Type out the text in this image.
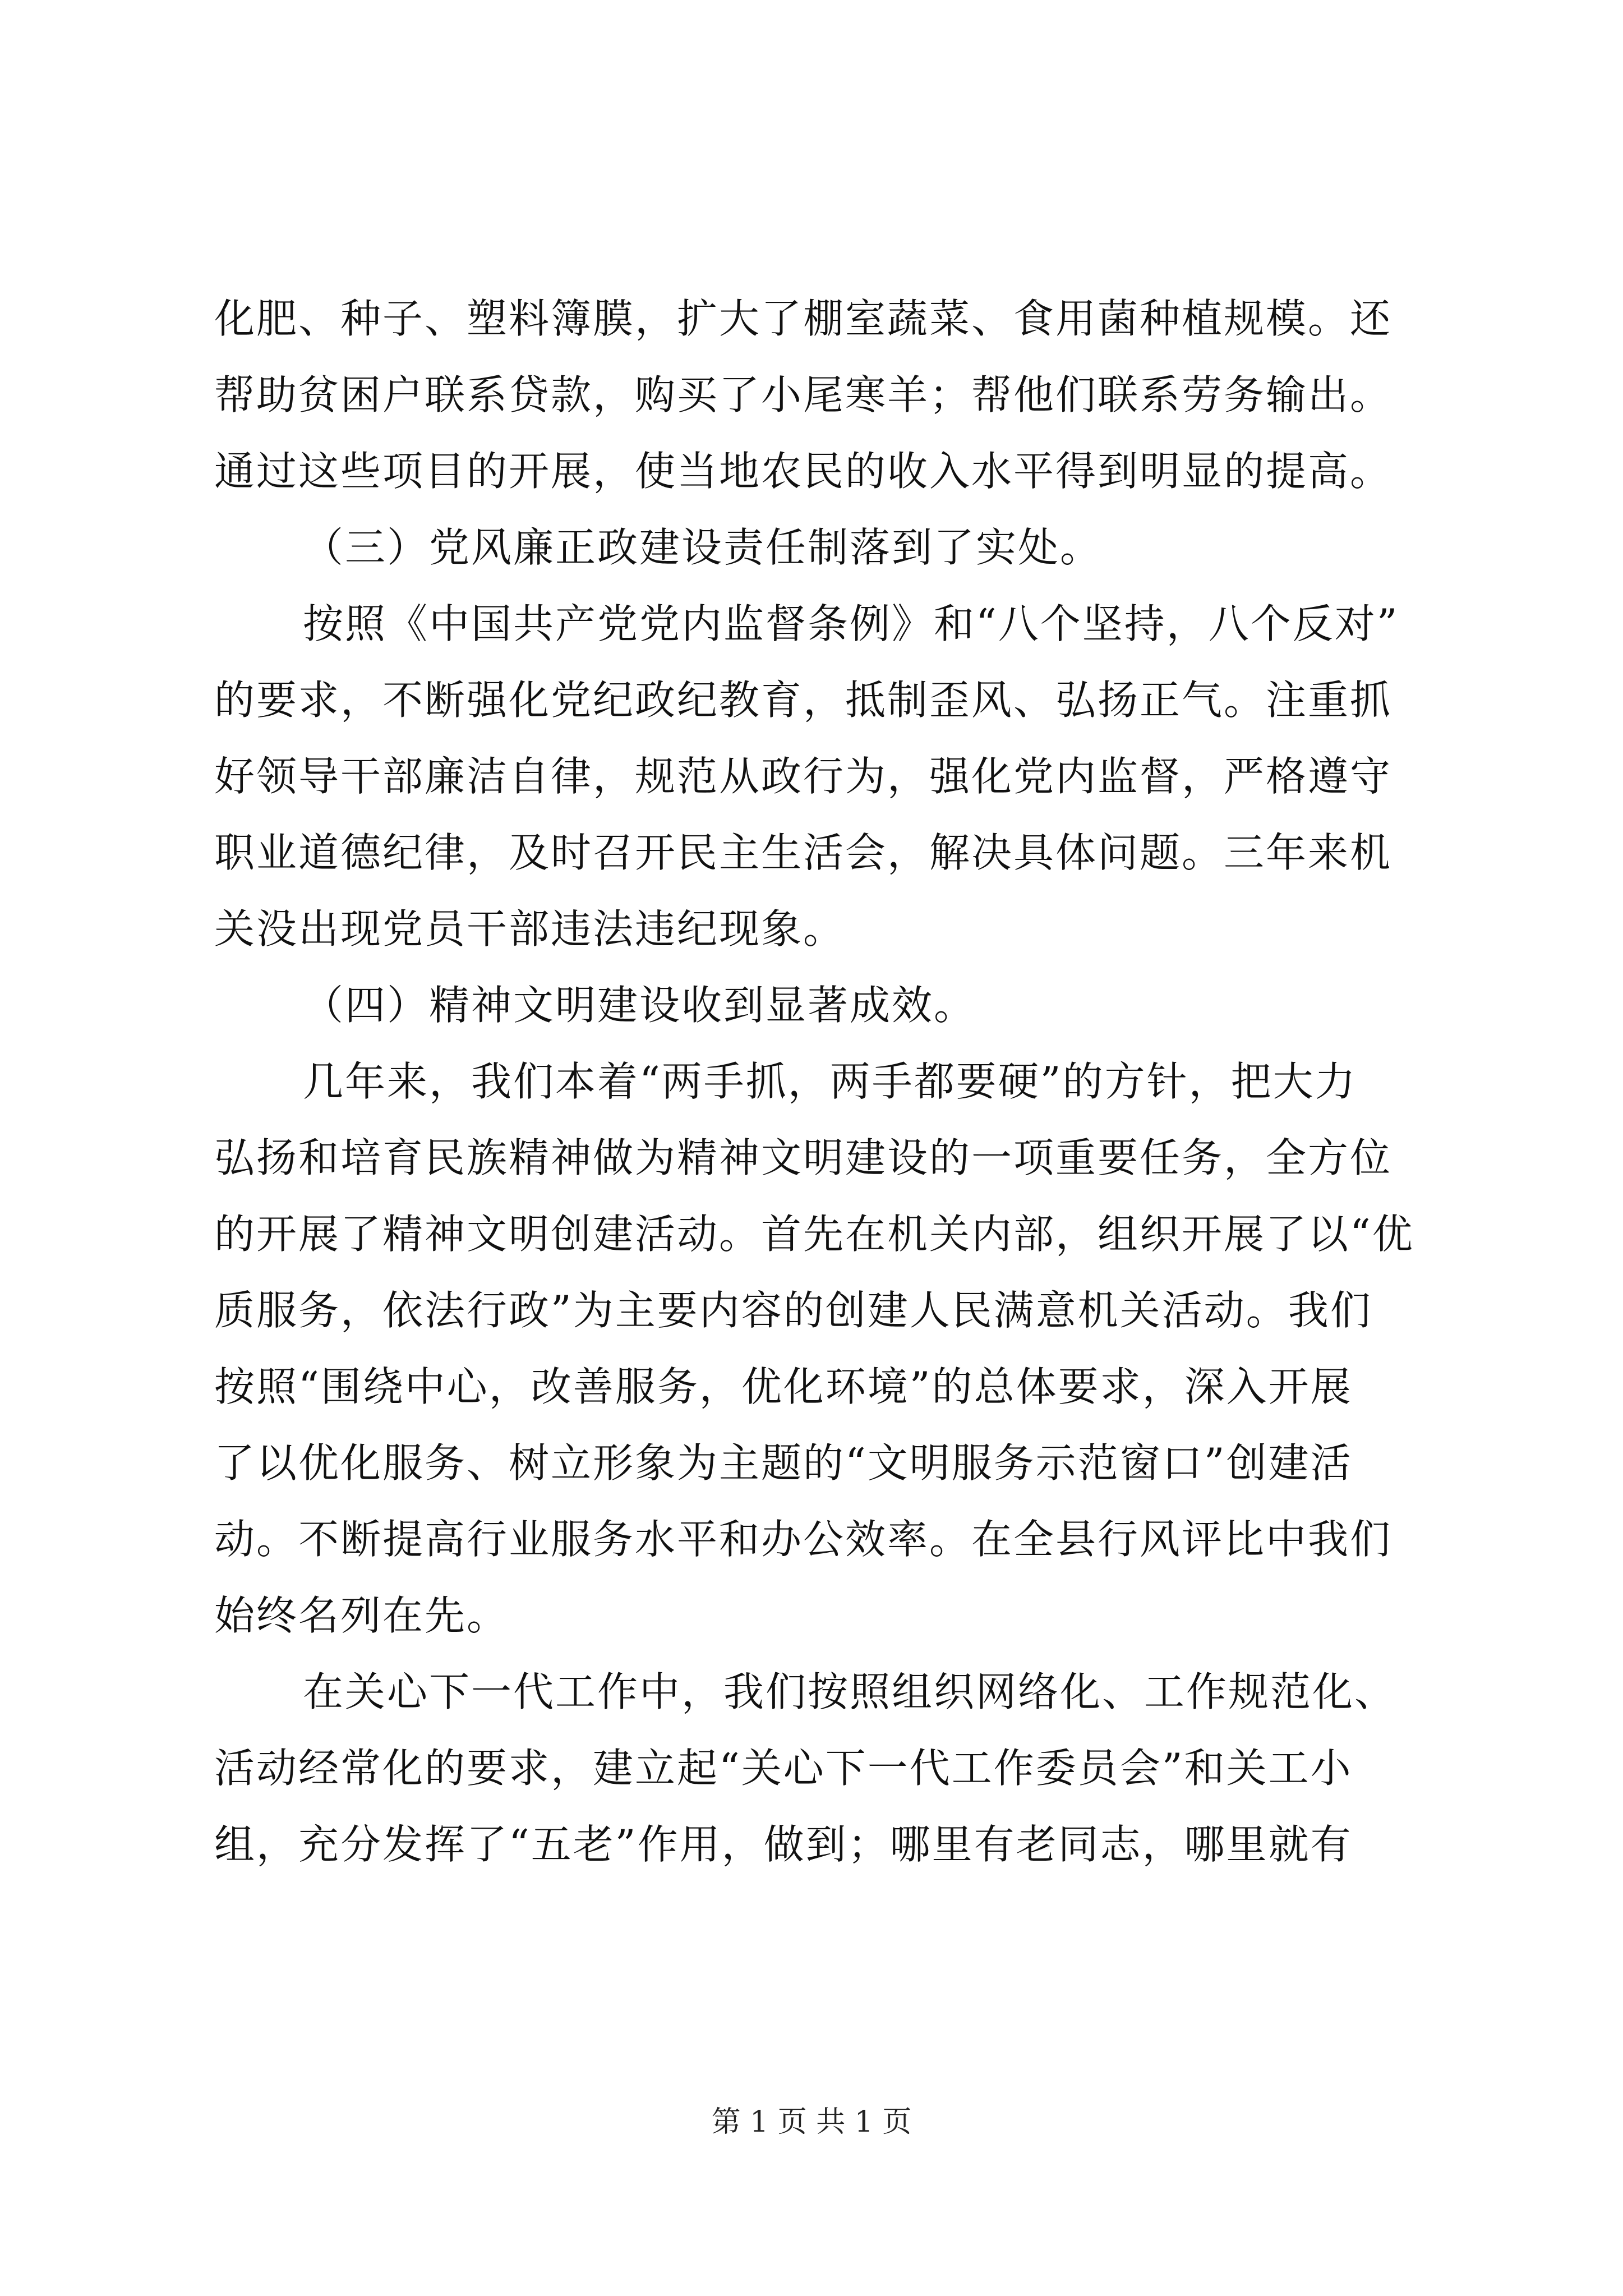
化肥、种子、塑料簿膜，扩大了棚室蔬菜、食用菌种植规模。还
帮助贫困户联系贷款，购买了小尾寒羊；帮他们联系劳务输出。
通过这些项目的开展，使当地农民的收入水平得到明显的提高。
（三）党风廉正政建设责任制落到了实处。
按照《中国共产党党内监督条例》和“八个坚持，八个反对”
的要求，不断强化党纪政纪教育，抵制歪风、弘扬正气。注重抓
好领导干部廉洁自律，规范从政行为，强化党内监督，严格遵守
职业道德纪律，及时召开民主生活会，解决具体问题。三年来机
关没出现党员干部违法违纪现象。
（四）精神文明建设收到显著成效。
几年来，我们本着“两手抓，两手都要硬”的方针，把大力
弘扬和培育民族精神做为精神文明建设的一项重要任务，全方位
的开展了精神文明创建活动。首先在机关内部，组织开展了以“优
质服务，依法行政”为主要内容的创建人民满意机关活动。我们
按照“围绕中心，改善服务，优化环境”的总体要求，深入开展
了以优化服务、树立形象为主题的“文明服务示范窗口”创建活
动。不断提高行业服务水平和办公效率。在全县行风评比中我们
始终名列在先。
在关心下一代工作中，我们按照组织网络化、工作规范化、
活动经常化的要求，建立起“关心下一代工作委员会”和关工小
组，充分发挥了“五老”作用，做到；哪里有老同志，哪里就有
第 1 页 共 1 页
